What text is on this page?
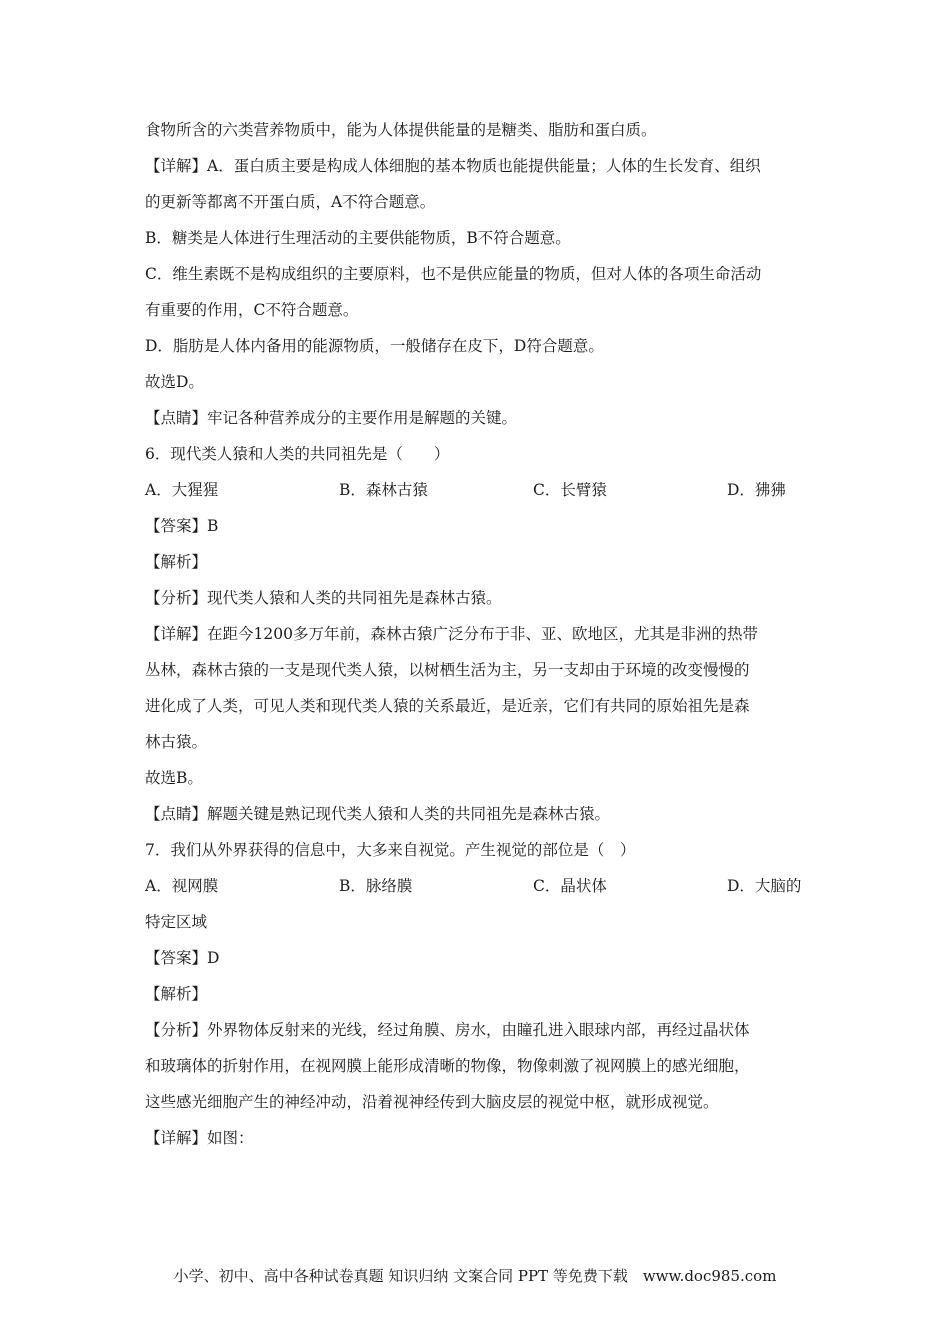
食物所含的六类营养物质中，能为人体提供能量的是糖类、脂肪和蛋白质。

【详解】A．蛋白质主要是构成人体细胞的基本物质也能提供能量；人体的生长发育、组织

的更新等都离不开蛋白质，A不符合题意。

B．糖类是人体进行生理活动的主要供能物质，B不符合题意。

C．维生素既不是构成组织的主要原料，也不是供应能量的物质，但对人体的各项生命活动

有重要的作用，C不符合题意。

D．脂肪是人体内备用的能源物质，一般储存在皮下，D符合题意。

故选D。

【点睛】牢记各种营养成分的主要作用是解题的关键。

6．现代类人猿和人类的共同祖先是（　　）

A．大猩猩	B．森林古猿	C．长臂猿	D．狒狒

【答案】B

【解析】

【分析】现代类人猿和人类的共同祖先是森林古猿。

【详解】在距今1200多万年前，森林古猿广泛分布于非、亚、欧地区，尤其是非洲的热带

丛林，森林古猿的一支是现代类人猿，以树栖生活为主，另一支却由于环境的改变慢慢的

进化成了人类，可见人类和现代类人猿的关系最近，是近亲，它们有共同的原始祖先是森

林古猿。

故选B。

【点睛】解题关键是熟记现代类人猿和人类的共同祖先是森林古猿。

7．我们从外界获得的信息中，大多来自视觉。产生视觉的部位是（　）

A．视网膜	B．脉络膜	C．晶状体	D．大脑的

特定区域

【答案】D

【解析】

【分析】外界物体反射来的光线，经过角膜、房水，由瞳孔进入眼球内部，再经过晶状体

和玻璃体的折射作用，在视网膜上能形成清晰的物像，物像刺激了视网膜上的感光细胞，

这些感光细胞产生的神经冲动，沿着视神经传到大脑皮层的视觉中枢，就形成视觉。

【详解】如图：

小学、初中、高中各种试卷真题 知识归纳 文案合同 PPT 等免费下载　www.doc985.com
